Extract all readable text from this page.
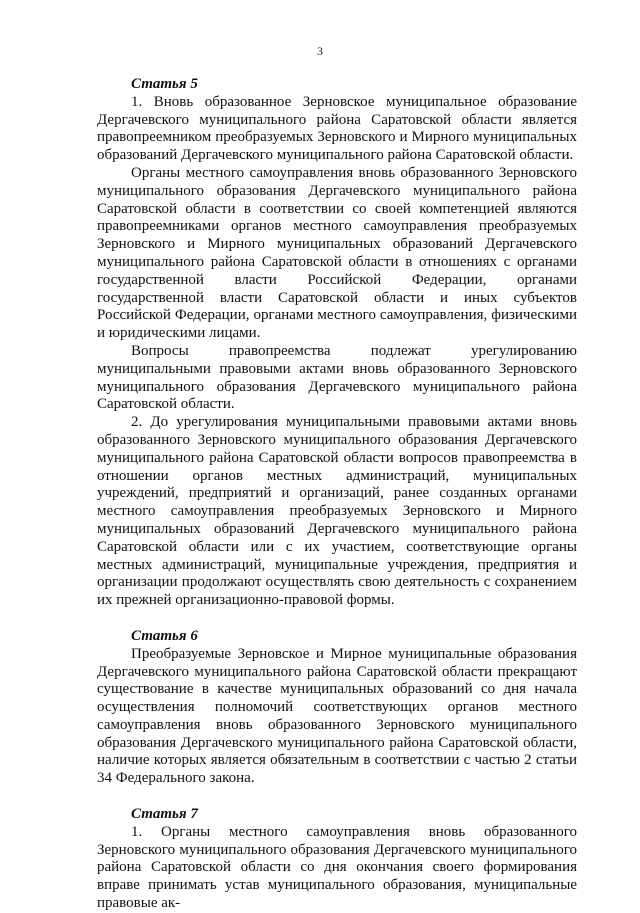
3

Статья 5

1. Вновь образованное Зерновское муниципальное образование Дергачевского муниципального района Саратовской области является правопреемником преобразуемых Зерновского и Мирного муниципальных образований Дергачевского муниципального района Саратовской области.

Органы местного самоуправления вновь образованного Зерновского муниципального образования Дергачевского муниципального района Саратовской области в соответствии со своей компетенцией являются правопреемниками органов местного самоуправления преобразуемых Зерновского и Мирного муниципальных образований Дергачевского муниципального района Саратовской области в отношениях с органами государственной власти Российской Федерации, органами государственной власти Саратовской области и иных субъектов Российской Федерации, органами местного самоуправления, физическими и юридическими лицами.

Вопросы правопреемства подлежат урегулированию муниципальными правовыми актами вновь образованного Зерновского муниципального образования Дергачевского муниципального района Саратовской области.

2. До урегулирования муниципальными правовыми актами вновь образованного Зерновского муниципального образования Дергачевского муниципального района Саратовской области вопросов правопреемства в отношении органов местных администраций, муниципальных учреждений, предприятий и организаций, ранее созданных органами местного самоуправления преобразуемых Зерновского и Мирного муниципальных образований Дергачевского муниципального района Саратовской области или с их участием, соответствующие органы местных администраций, муниципальные учреждения, предприятия и организации продолжают осуществлять свою деятельность с сохранением их прежней организационно-правовой формы.

Статья 6

Преобразуемые Зерновское и Мирное муниципальные образования Дергачевского муниципального района Саратовской области прекращают существование в качестве муниципальных образований со дня начала осуществления полномочий соответствующих органов местного самоуправления вновь образованного Зерновского муниципального образования Дергачевского муниципального района Саратовской области, наличие которых является обязательным в соответствии с частью 2 статьи 34 Федерального закона.

Статья 7

1. Органы местного самоуправления вновь образованного Зерновского муниципального образования Дергачевского муниципального района Саратовской области со дня окончания своего формирования вправе принимать устав муниципального образования, муниципальные правовые ак-
